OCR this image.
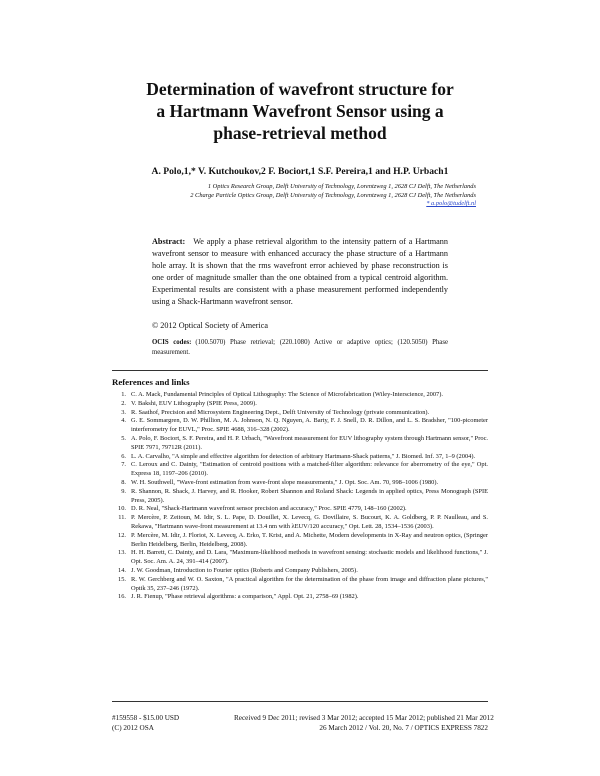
Determination of wavefront structure for
a Hartmann Wavefront Sensor using a
phase-retrieval method
A. Polo,1,* V. Kutchoukov,2 F. Bociort,1 S.F. Pereira,1 and H.P. Urbach1
1 Optics Research Group, Delft University of Technology, Lorentzweg 1, 2628 CJ Delft, The Netherlands
2 Charge Particle Optics Group, Delft University of Technology, Lorentzweg 1, 2628 CJ Delft, The Netherlands
* a.polo@tudelft.nl
Abstract: We apply a phase retrieval algorithm to the intensity pattern of a Hartmann wavefront sensor to measure with enhanced accuracy the phase structure of a Hartmann hole array. It is shown that the rms wavefront error achieved by phase reconstruction is one order of magnitude smaller than the one obtained from a typical centroid algorithm. Experimental results are consistent with a phase measurement performed independently using a Shack-Hartmann wavefront sensor.
© 2012 Optical Society of America
OCIS codes: (100.5070) Phase retrieval; (220.1080) Active or adaptive optics; (120.5050) Phase measurement.
References and links
1. C. A. Mack, Fundamental Principles of Optical Lithography: The Science of Microfabrication (Wiley-Interscience, 2007).
2. V. Bakshi, EUV Lithography (SPIE Press, 2009).
3. R. Saathof, Precision and Microsystem Engineering Dept., Delft University of Technology (private communication).
4. G. E. Sommargren, D. W. Phillion, M. A. Johnson, N. Q. Nguyen, A. Barty, F. J. Snell, D. R. Dillon, and L. S. Bradsher, "100-picometer interferometry for EUVL," Proc. SPIE 4688, 316–328 (2002).
5. A. Polo, F. Bociort, S. F. Pereira, and H. P. Urbach, "Wavefront measurement for EUV lithography system through Hartmann sensor," Proc. SPIE 7971, 79712R (2011).
6. L. A. Carvalho, "A simple and effective algorithm for detection of arbitrary Hartmann-Shack patterns," J. Biomed. Inf. 37, 1–9 (2004).
7. C. Leroux and C. Dainty, "Estimation of centroid positions with a matched-filter algorithm: relevance for aberrometry of the eye," Opt. Express 18, 1197–206 (2010).
8. W. H. Southwell, "Wave-front estimation from wave-front slope measurements," J. Opt. Soc. Am. 70, 998–1006 (1980).
9. R. Shannon, R. Shack, J. Harvey, and R. Hooker, Robert Shannon and Roland Shack: Legends in applied optics, Press Monograph (SPIE Press, 2005).
10. D. R. Neal, "Shack-Hartmann wavefront sensor precision and accuracy," Proc. SPIE 4779, 148–160 (2002).
11. P. Mercère, P. Zeitoun, M. Idir, S. L. Pape, D. Douillet, X. Levecq, G. Dovillaire, S. Bucourt, K. A. Goldberg, P. P. Naulleau, and S. Rekawa, "Hartmann wave-front measurement at 13.4 nm with λEUV/120 accuracy," Opt. Lett. 28, 1534–1536 (2003).
12. P. Mercère, M. Idir, J. Floriot, X. Levecq, A. Erko, T. Krist, and A. Michette, Modern developments in X-Ray and neutron optics, (Springer Berlin Heidelberg, Berlin, Heidelberg, 2008).
13. H. H. Barrett, C. Dainty, and D. Lara, "Maximum-likelihood methods in wavefront sensing: stochastic models and likelihood functions," J. Opt. Soc. Am. A. 24, 391–414 (2007).
14. J. W. Goodman, Introduction to Fourier optics (Roberts and Company Publishers, 2005).
15. R. W. Gerchberg and W. O. Saxton, "A practical algorithm for the determination of the phase from image and diffraction plane pictures," Optik 35, 237–246 (1972).
16. J. R. Fienup, "Phase retrieval algorithms: a comparison," Appl. Opt. 21, 2758–69 (1982).
#159558 - $15.00 USD
(C) 2012 OSA
Received 9 Dec 2011; revised 3 Mar 2012; accepted 15 Mar 2012; published 21 Mar 2012
26 March 2012 / Vol. 20, No. 7 / OPTICS EXPRESS 7822
